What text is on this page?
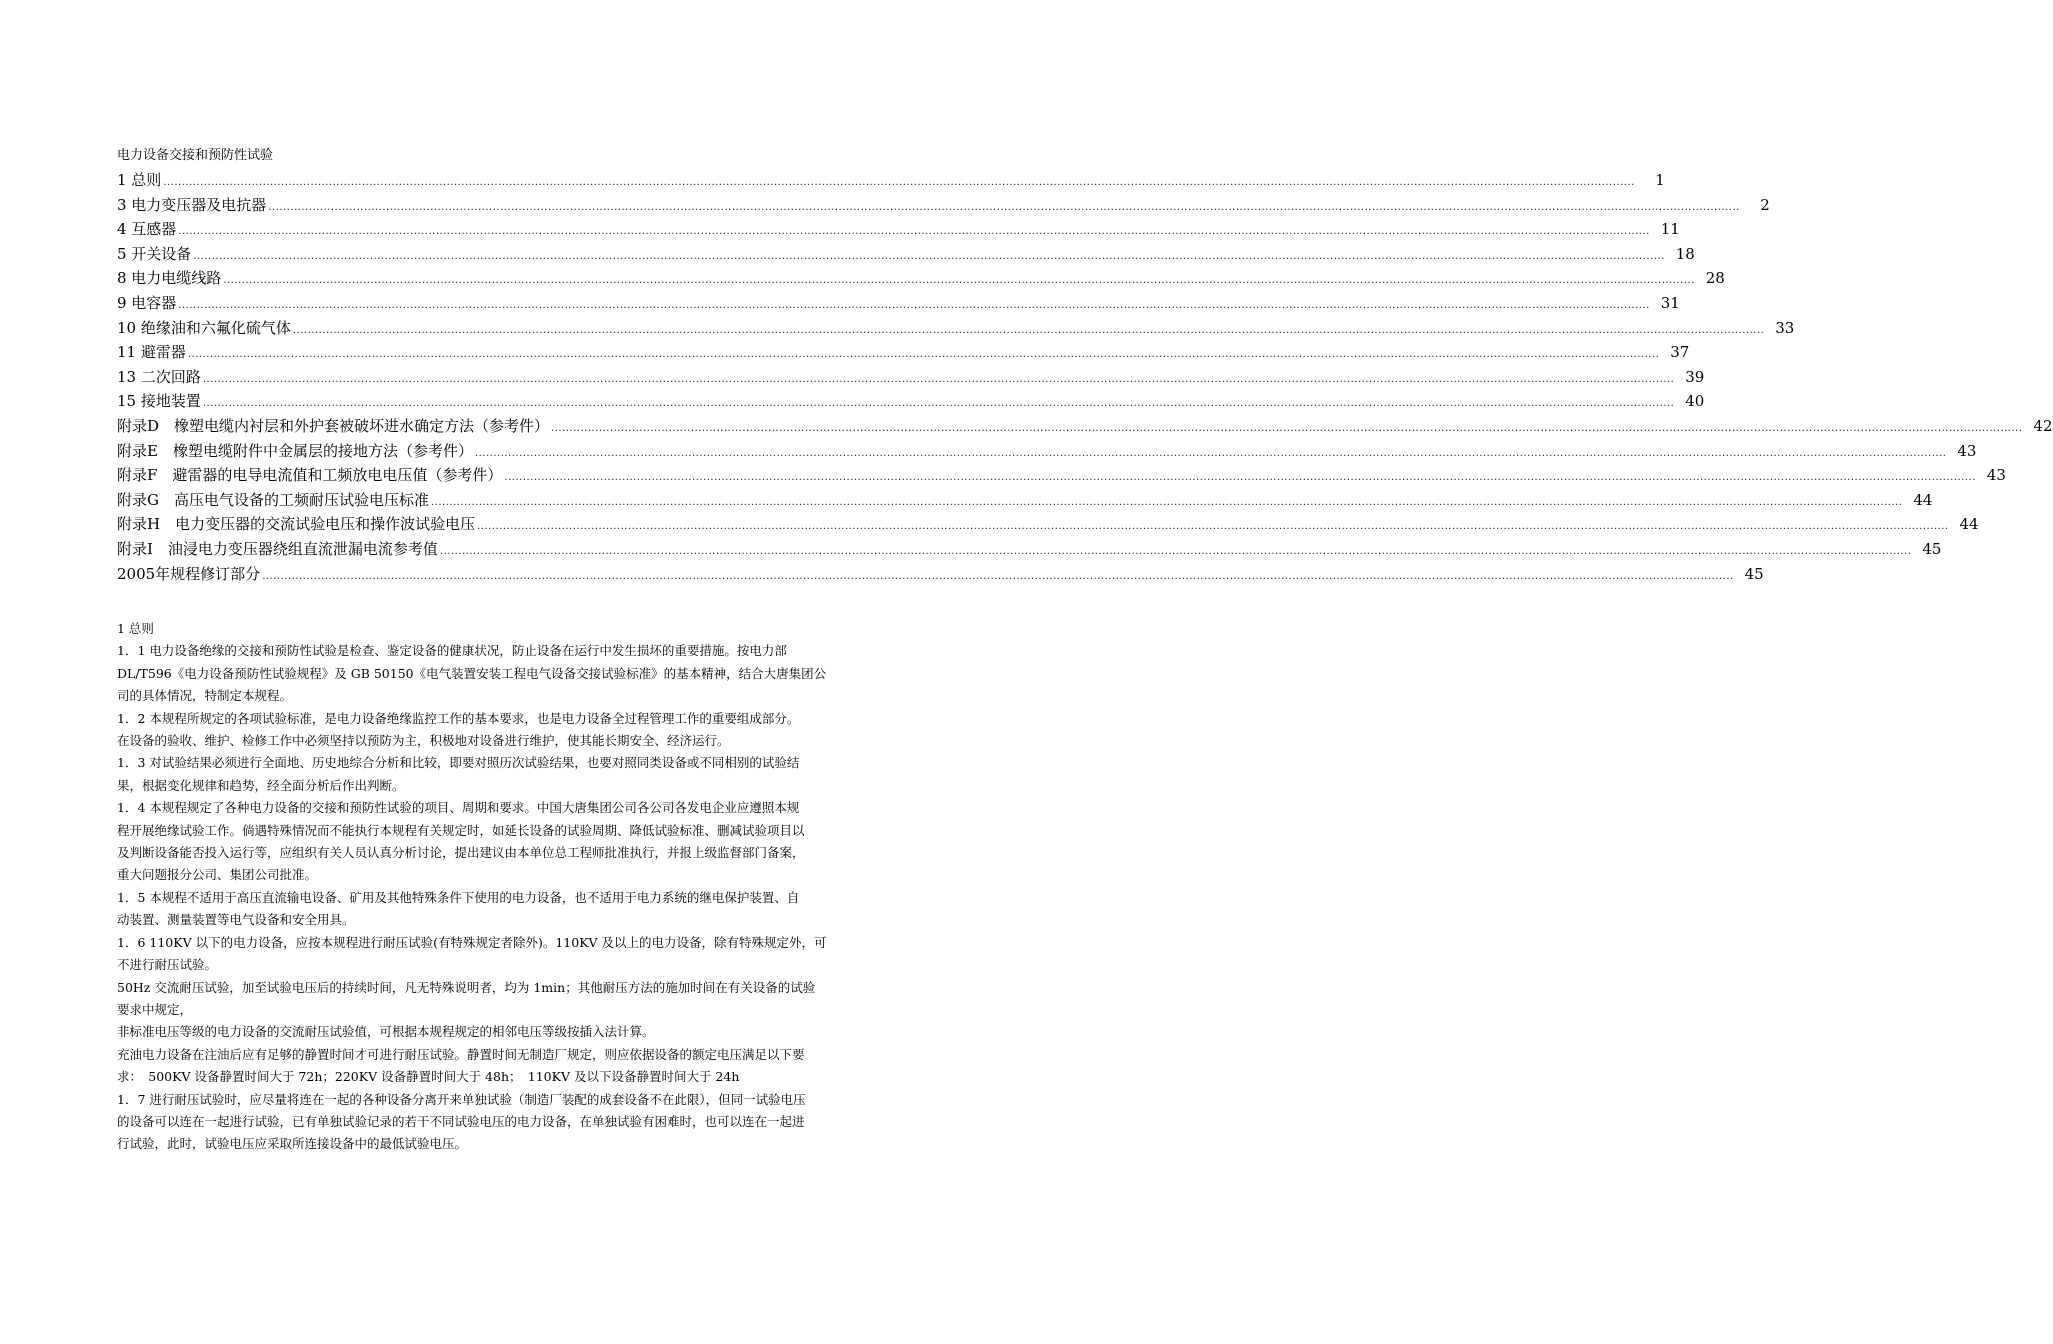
电力设备交接和预防性试验
1 总则 ................................................................................................................................................................................................................................................................................................................................................................................................................	1
3 电力变压器及电抗器 ................................................................................................................................................................................................................................................................................................................................................................................................................	2
4 互感器 ................................................................................................................................................................................................................................................................................................................................................................................................................ 11
5 开关设备 ................................................................................................................................................................................................................................................................................................................................................................................................................ 18
8 电力电缆线路 ................................................................................................................................................................................................................................................................................................................................................................................................................ 28
9 电容器 ................................................................................................................................................................................................................................................................................................................................................................................................................ 31
10 绝缘油和六氟化硫气体 ................................................................................................................................................................................................................................................................................................................................................................................................................ 33
11 避雷器 ................................................................................................................................................................................................................................................................................................................................................................................................................ 37
13 二次回路 ................................................................................................................................................................................................................................................................................................................................................................................................................ 39
15 接地装置 ................................................................................................................................................................................................................................................................................................................................................................................................................ 40
附录D　橡塑电缆内衬层和外护套被破坏进水确定方法（参考件） ................................................................................................................................................................................................................................................................................................................................................................................................................ 42
附录E　橡塑电缆附件中金属层的接地方法（参考件） ................................................................................................................................................................................................................................................................................................................................................................................................................ 43
附录F　避雷器的电导电流值和工频放电电压值（参考件） ................................................................................................................................................................................................................................................................................................................................................................................................................ 43
附录G　高压电气设备的工频耐压试验电压标准 ................................................................................................................................................................................................................................................................................................................................................................................................................ 44
附录H　电力变压器的交流试验电压和操作波试验电压 ................................................................................................................................................................................................................................................................................................................................................................................................................ 44
附录I　油浸电力变压器绕组直流泄漏电流参考值 ................................................................................................................................................................................................................................................................................................................................................................................................................ 45
2005年规程修订部分 ................................................................................................................................................................................................................................................................................................................................................................................................................ 45

1 总则

1．1 电力设备绝缘的交接和预防性试验是检查、鉴定设备的健康状况，防止设备在运行中发生损坏的重要措施。按电力部

DL/T596《电力设备预防性试验规程》及 GB 50150《电气装置安装工程电气设备交接试验标准》的基本精神，结合大唐集团公

司的具体情况，特制定本规程。

1．2 本规程所规定的各项试验标准，是电力设备绝缘监控工作的基本要求，也是电力设备全过程管理工作的重要组成部分。

在设备的验收、维护、检修工作中必须坚持以预防为主，积极地对设备进行维护，使其能长期安全、经济运行。

1．3 对试验结果必须进行全面地、历史地综合分析和比较，即要对照历次试验结果，也要对照同类设备或不同相别的试验结

果，根据变化规律和趋势，经全面分析后作出判断。

1．4 本规程规定了各种电力设备的交接和预防性试验的项目、周期和要求。中国大唐集团公司各公司各发电企业应遵照本规

程开展绝缘试验工作。倘遇特殊情况而不能执行本规程有关规定时，如延长设备的试验周期、降低试验标准、删减试验项目以

及判断设备能否投入运行等，应组织有关人员认真分析讨论，提出建议由本单位总工程师批准执行，并报上级监督部门备案，

重大问题报分公司、集团公司批准。

1．5 本规程不适用于高压直流输电设备、矿用及其他特殊条件下使用的电力设备，也不适用于电力系统的继电保护装置、自

动装置、测量装置等电气设备和安全用具。

1．6 110KV 以下的电力设备，应按本规程进行耐压试验(有特殊规定者除外)。110KV 及以上的电力设备，除有特殊规定外，可

不进行耐压试验。

50Hz 交流耐压试验，加至试验电压后的持续时间，凡无特殊说明者，均为 1min；其他耐压方法的施加时间在有关设备的试验

要求中规定，

非标准电压等级的电力设备的交流耐压试验值，可根据本规程规定的相邻电压等级按插入法计算。

充油电力设备在注油后应有足够的静置时间才可进行耐压试验。静置时间无制造厂规定，则应依据设备的额定电压满足以下要

求：　500KV 设备静置时间大于 72h；220KV 设备静置时间大于 48h；　110KV 及以下设备静置时间大于 24h

1．7 进行耐压试验时，应尽量将连在一起的各种设备分离开来单独试验（制造厂装配的成套设备不在此限），但同一试验电压

的设备可以连在一起进行试验，已有单独试验记录的若干不同试验电压的电力设备，在单独试验有困难时，也可以连在一起进

行试验，此时，试验电压应采取所连接设备中的最低试验电压。
